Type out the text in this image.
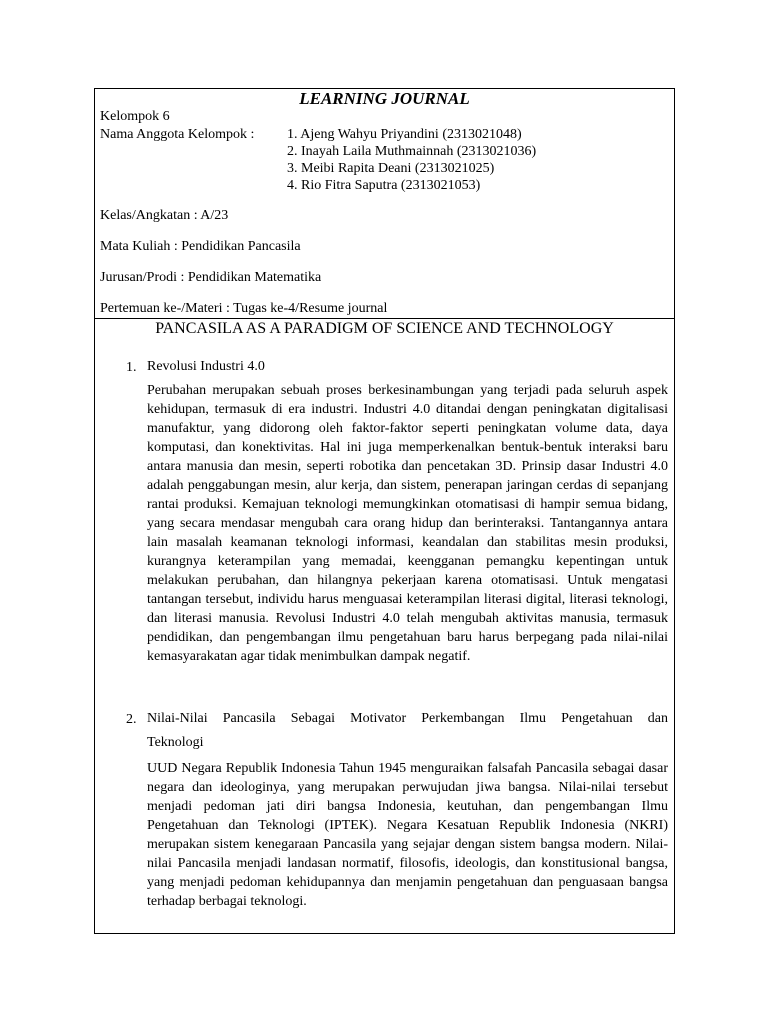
LEARNING JOURNAL
Kelompok 6
Nama Anggota Kelompok : 1. Ajeng Wahyu Priyandini (2313021048)
2. Inayah Laila Muthmainnah (2313021036)
3. Meibi Rapita Deani (2313021025)
4. Rio Fitra Saputra (2313021053)
Kelas/Angkatan : A/23
Mata Kuliah : Pendidikan Pancasila
Jurusan/Prodi : Pendidikan Matematika
Pertemuan ke-/Materi : Tugas ke-4/Resume journal
PANCASILA AS A PARADIGM OF SCIENCE AND TECHNOLOGY
1. Revolusi Industri 4.0

Perubahan merupakan sebuah proses berkesinambungan yang terjadi pada seluruh aspek kehidupan, termasuk di era industri. Industri 4.0 ditandai dengan peningkatan digitalisasi manufaktur, yang didorong oleh faktor-faktor seperti peningkatan volume data, daya komputasi, dan konektivitas. Hal ini juga memperkenalkan bentuk-bentuk interaksi baru antara manusia dan mesin, seperti robotika dan pencetakan 3D. Prinsip dasar Industri 4.0 adalah penggabungan mesin, alur kerja, dan sistem, penerapan jaringan cerdas di sepanjang rantai produksi. Kemajuan teknologi memungkinkan otomatisasi di hampir semua bidang, yang secara mendasar mengubah cara orang hidup dan berinteraksi. Tantangannya antara lain masalah keamanan teknologi informasi, keandalan dan stabilitas mesin produksi, kurangnya keterampilan yang memadai, keengganan pemangku kepentingan untuk melakukan perubahan, dan hilangnya pekerjaan karena otomatisasi. Untuk mengatasi tantangan tersebut, individu harus menguasai keterampilan literasi digital, literasi teknologi, dan literasi manusia. Revolusi Industri 4.0 telah mengubah aktivitas manusia, termasuk pendidikan, dan pengembangan ilmu pengetahuan baru harus berpegang pada nilai-nilai kemasyarakatan agar tidak menimbulkan dampak negatif.

2. Nilai-Nilai Pancasila Sebagai Motivator Perkembangan Ilmu Pengetahuan dan
Teknologi

UUD Negara Republik Indonesia Tahun 1945 menguraikan falsafah Pancasila sebagai dasar negara dan ideologinya, yang merupakan perwujudan jiwa bangsa. Nilai-nilai tersebut menjadi pedoman jati diri bangsa Indonesia, keutuhan, dan pengembangan Ilmu Pengetahuan dan Teknologi (IPTEK). Negara Kesatuan Republik Indonesia (NKRI) merupakan sistem kenegaraan Pancasila yang sejajar dengan sistem bangsa modern. Nilai-nilai Pancasila menjadi landasan normatif, filosofis, ideologis, dan konstitusional bangsa, yang menjadi pedoman kehidupannya dan menjamin pengetahuan dan penguasaan bangsa terhadap berbagai teknologi.
